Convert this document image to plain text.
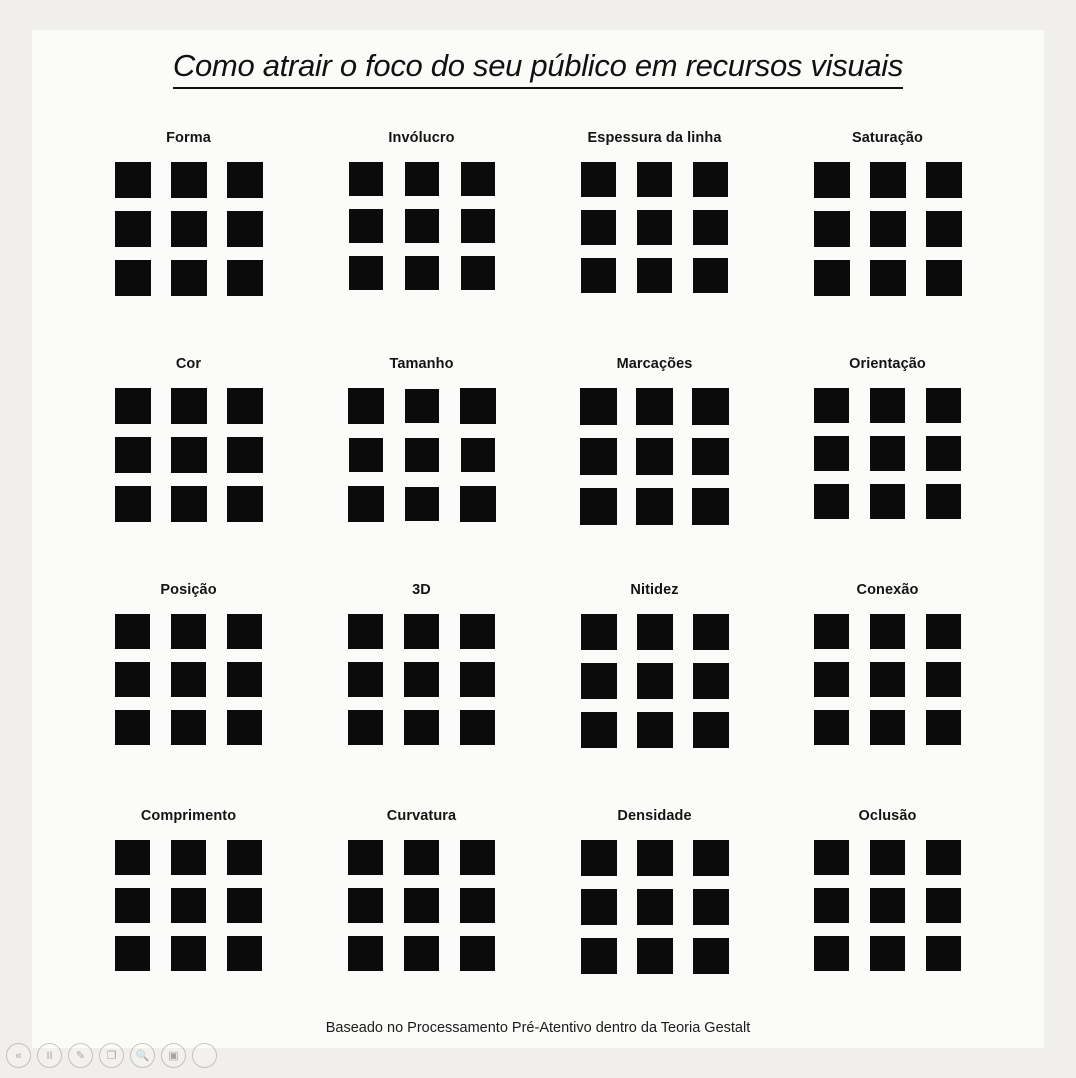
Como atrair o foco do seu público em recursos visuais
Forma	Invólucro	Espessura da linha	Saturação
Cor	Tamanho	Marcações	Orientação
Posição	3D	Nitidez	Conexão
Comprimento	Curvatura	Densidade	Oclusão
Baseado no Processamento Pré-Atentivo dentro da Teoria Gestalt
«	II	✎	❐	🔍	▣
